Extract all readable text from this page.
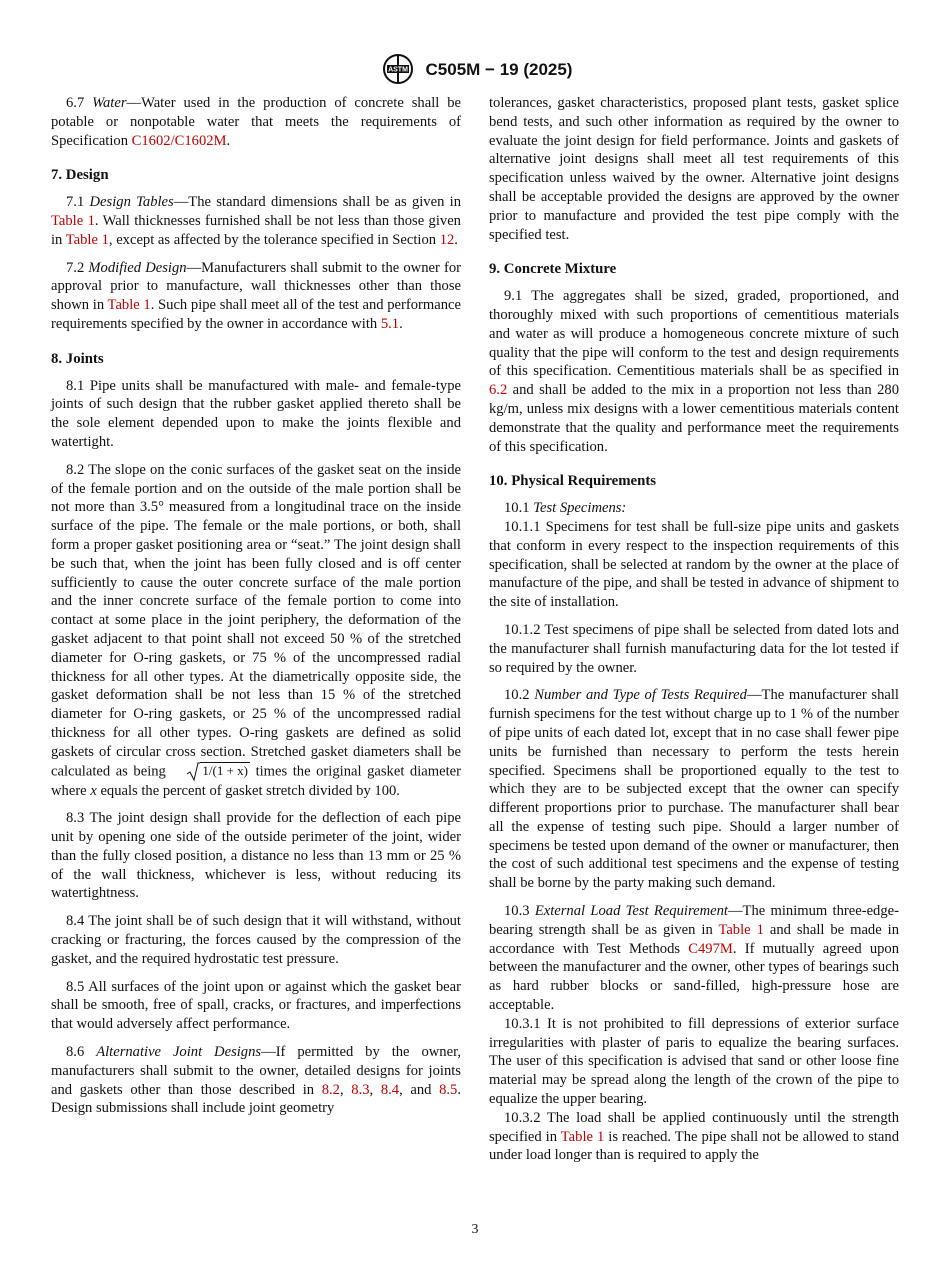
ASTM C505M − 19 (2025)

6.7 Water—Water used in the production of concrete shall be potable or nonpotable water that meets the requirements of Specification C1602/C1602M.

7. Design

7.1 Design Tables—The standard dimensions shall be as given in Table 1. Wall thicknesses furnished shall be not less than those given in Table 1, except as affected by the tolerance specified in Section 12.

7.2 Modified Design—Manufacturers shall submit to the owner for approval prior to manufacture, wall thicknesses other than those shown in Table 1. Such pipe shall meet all of the test and performance requirements specified by the owner in accordance with 5.1.

8. Joints

8.1 Pipe units shall be manufactured with male- and female-type joints of such design that the rubber gasket applied thereto shall be the sole element depended upon to make the joints flexible and watertight.

8.2 The slope on the conic surfaces of the gasket seat on the inside of the female portion and on the outside of the male portion shall be not more than 3.5° measured from a longitudinal trace on the inside surface of the pipe. The female or the male portions, or both, shall form a proper gasket positioning area or “seat.” The joint design shall be such that, when the joint has been fully closed and is off center sufficiently to cause the outer concrete surface of the male portion and the inner concrete surface of the female portion to come into contact at some place in the joint periphery, the deformation of the gasket adjacent to that point shall not exceed 50 % of the stretched diameter for O-ring gaskets, or 75 % of the uncompressed radial thickness for all other types. At the diametrically opposite side, the gasket deformation shall be not less than 15 % of the stretched diameter for O-ring gaskets, or 25 % of the uncompressed radial thickness for all other types. O-ring gaskets are defined as solid gaskets of circular cross section. Stretched gasket diameters shall be calculated as being	1/(1 + x) times the original gasket diameter where x equals the percent of gasket stretch divided by 100.

8.3 The joint design shall provide for the deflection of each pipe unit by opening one side of the outside perimeter of the joint, wider than the fully closed position, a distance no less than 13 mm or 25 % of the wall thickness, whichever is less, without reducing its watertightness.

8.4 The joint shall be of such design that it will withstand, without cracking or fracturing, the forces caused by the compression of the gasket, and the required hydrostatic test pressure.

8.5 All surfaces of the joint upon or against which the gasket bear shall be smooth, free of spall, cracks, or fractures, and imperfections that would adversely affect performance.

8.6 Alternative Joint Designs—If permitted by the owner, manufacturers shall submit to the owner, detailed designs for joints and gaskets other than those described in 8.2, 8.3, 8.4, and 8.5. Design submissions shall include joint geometry

tolerances, gasket characteristics, proposed plant tests, gasket splice bend tests, and such other information as required by the owner to evaluate the joint design for field performance. Joints and gaskets of alternative joint designs shall meet all test requirements of this specification unless waived by the owner. Alternative joint designs shall be acceptable provided the designs are approved by the owner prior to manufacture and provided the test pipe comply with the specified test.

9. Concrete Mixture

9.1 The aggregates shall be sized, graded, proportioned, and thoroughly mixed with such proportions of cementitious materials and water as will produce a homogeneous concrete mixture of such quality that the pipe will conform to the test and design requirements of this specification. Cementitious materials shall be as specified in 6.2 and shall be added to the mix in a proportion not less than 280 kg/m, unless mix designs with a lower cementitious materials content demonstrate that the quality and performance meet the requirements of this specification.

10. Physical Requirements

10.1 Test Specimens:

10.1.1 Specimens for test shall be full-size pipe units and gaskets that conform in every respect to the inspection requirements of this specification, shall be selected at random by the owner at the place of manufacture of the pipe, and shall be tested in advance of shipment to the site of installation.

10.1.2 Test specimens of pipe shall be selected from dated lots and the manufacturer shall furnish manufacturing data for the lot tested if so required by the owner.

10.2 Number and Type of Tests Required—The manufacturer shall furnish specimens for the test without charge up to 1 % of the number of pipe units of each dated lot, except that in no case shall fewer pipe units be furnished than necessary to perform the tests herein specified. Specimens shall be proportioned equally to the test to which they are to be subjected except that the owner can specify different proportions prior to purchase. The manufacturer shall bear all the expense of testing such pipe. Should a larger number of specimens be tested upon demand of the owner or manufacturer, then the cost of such additional test specimens and the expense of testing shall be borne by the party making such demand.

10.3 External Load Test Requirement—The minimum three-edge-bearing strength shall be as given in Table 1 and shall be made in accordance with Test Methods C497M. If mutually agreed upon between the manufacturer and the owner, other types of bearings such as hard rubber blocks or sand-filled, high-pressure hose are acceptable.

10.3.1 It is not prohibited to fill depressions of exterior surface irregularities with plaster of paris to equalize the bearing surfaces. The user of this specification is advised that sand or other loose fine material may be spread along the length of the crown of the pipe to equalize the upper bearing.

10.3.2 The load shall be applied continuously until the strength specified in Table 1 is reached. The pipe shall not be allowed to stand under load longer than is required to apply the

3
